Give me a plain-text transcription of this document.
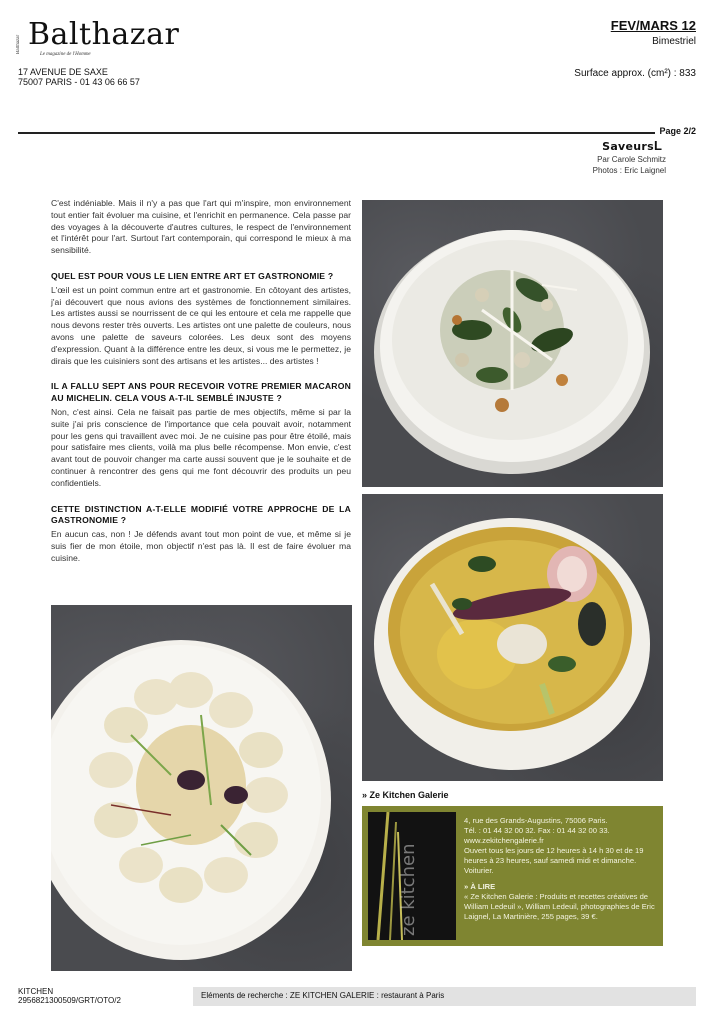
Balthazar Balthazar
Le magazine de l'Homme
17 AVENUE DE SAXE
75007 PARIS - 01 43 06 66 57
FEV/MARS 12
Bimestriel
Surface approx. (cm²) : 833
Page 2/2
Saveurs L
Par Carole Schmitz
Photos : Eric Laignel

C'est indéniable. Mais il n'y a pas que l'art qui m'inspire, mon environnement tout entier fait évoluer ma cuisine, et l'enrichit en permanence. Cela passe par des voyages à la découverte d'autres cultures, le respect de l'environnement et l'intérêt pour l'art. Surtout l'art contemporain, qui correspond le mieux à ma sensibilité.

QUEL EST POUR VOUS LE LIEN ENTRE ART ET GASTRONOMIE ?

L'œil est un point commun entre art et gastronomie. En côtoyant des artistes, j'ai découvert que nous avions des systèmes de fonctionnement similaires. Les artistes aussi se nourrissent de ce qui les entoure et cela me rappelle que nous devons rester très ouverts. Les artistes ont une palette de couleurs, nous avons une palette de saveurs colorées. Les deux sont des moyens d'expression. Quant à la différence entre les deux, si vous me le permettez, je dirais que les cuisiniers sont des artisans et les artistes... des artistes !

IL A FALLU SEPT ANS POUR RECEVOIR VOTRE PREMIER MACARON AU MICHELIN. CELA VOUS A-T-IL SEMBLÉ INJUSTE ?

Non, c'est ainsi. Cela ne faisait pas partie de mes objectifs, même si par la suite j'ai pris conscience de l'importance que cela pouvait avoir, notamment pour les gens qui travaillent avec moi. Je ne cuisine pas pour être étoilé, mais pour satisfaire mes clients, voilà ma plus belle récompense. Mon envie, c'est avant tout de pouvoir changer ma carte aussi souvent que je le souhaite et de continuer à rencontrer des gens qui me font découvrir des produits un peu confidentiels.

CETTE DISTINCTION A-T-ELLE MODIFIÉ VOTRE APPROCHE DE LA GASTRONOMIE ?

En aucun cas, non ! Je défends avant tout mon point de vue, et même si je suis fier de mon étoile, mon objectif n'est pas là. Il est de faire évoluer ma cuisine.

» Ze Kitchen Galerie
ze kitchen
4, rue des Grands-Augustins, 75006 Paris.
Tél. : 01 44 32 00 32. Fax : 01 44 32 00 33.
www.zekitchengalerie.fr
Ouvert tous les jours de 12 heures à 14 h 30 et de 19 heures à 23 heures, sauf samedi midi et dimanche. Voiturier.
» À LIRE
« Ze Kitchen Galerie : Produits et recettes créatives de William Ledeuil », William Ledeuil, photographies de Eric Laignel, La Martinière, 255 pages, 39 €.
KITCHEN
2956821300509/GRT/OTO/2
Eléments de recherche : ZE KITCHEN GALERIE : restaurant à Paris
